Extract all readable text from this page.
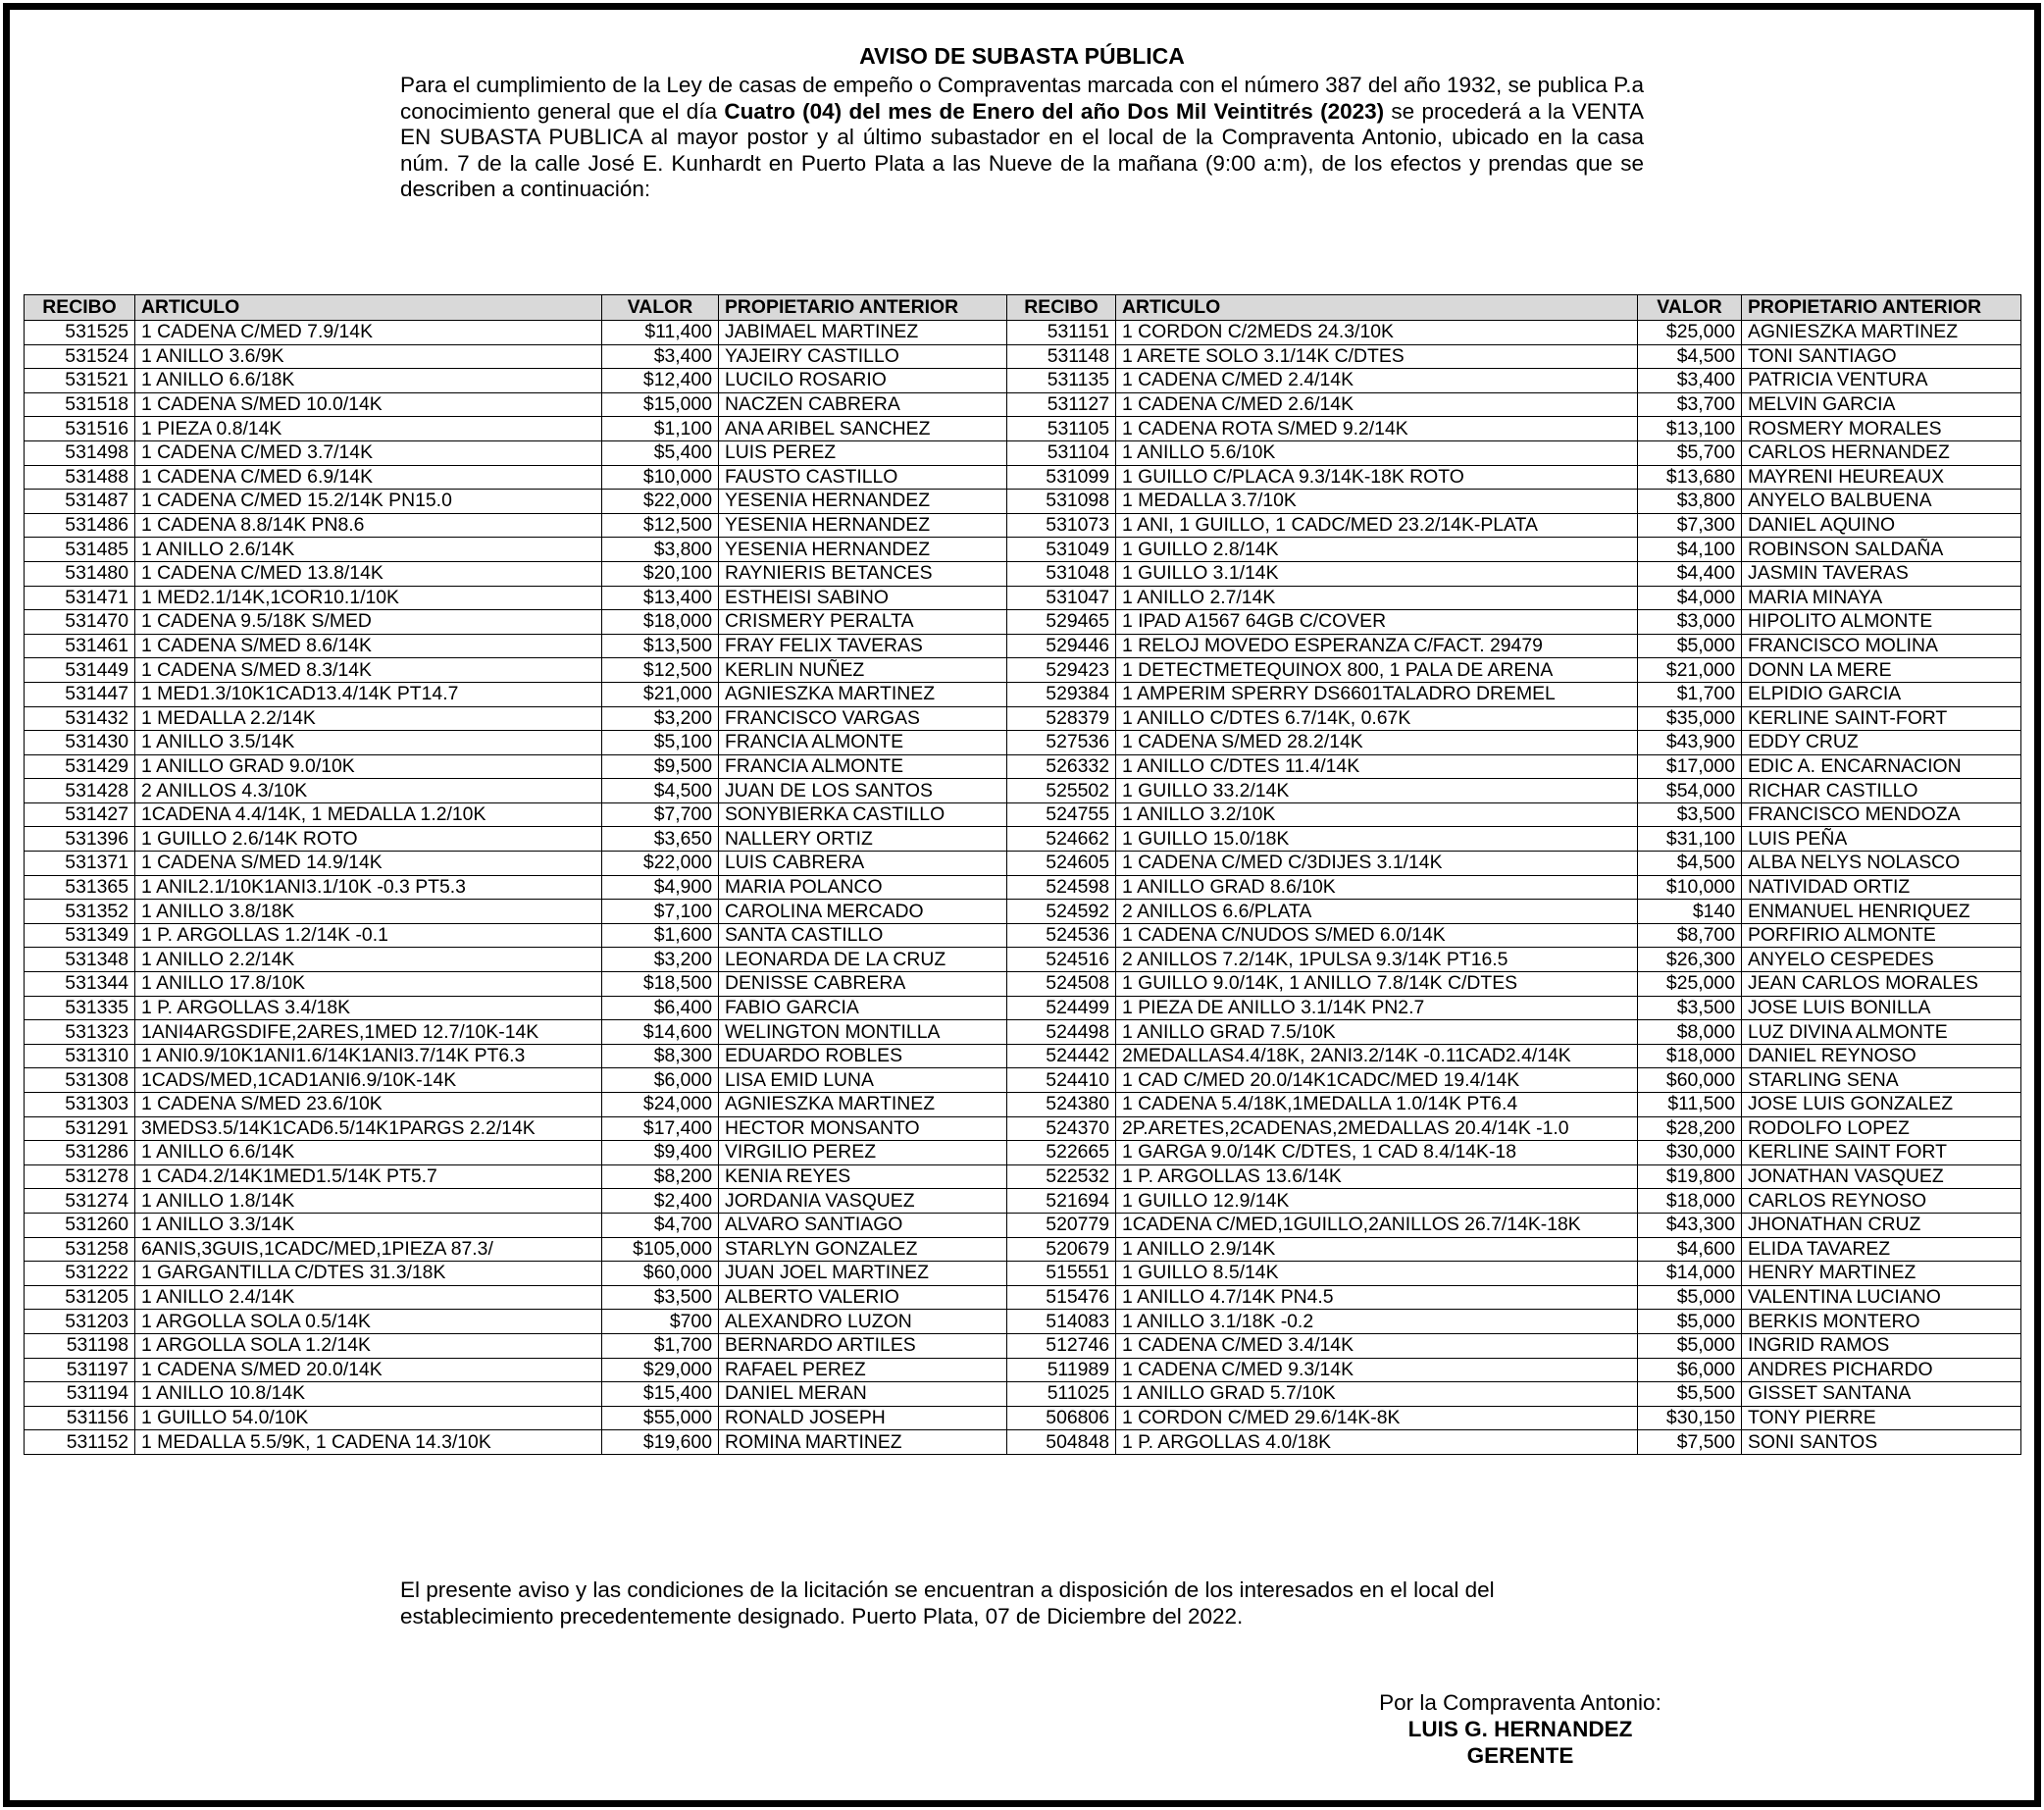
AVISO DE SUBASTA PÚBLICA
Para el cumplimiento de la Ley de casas de empeño o Compraventas marcada con el número 387 del año 1932, se publica P.a conocimiento general que el día Cuatro (04) del mes de Enero del año Dos Mil Veintitrés (2023) se procederá a la VENTA EN SUBASTA PUBLICA al mayor postor y al último subastador en el local de la Compraventa Antonio, ubicado en la casa núm. 7 de la calle José E. Kunhardt en Puerto Plata a las Nueve de la mañana (9:00 a:m), de los efectos y prendas que se describen a continuación:
RECIBO	ARTICULO	VALOR	PROPIETARIO ANTERIOR	RECIBO	ARTICULO	VALOR	PROPIETARIO ANTERIOR
531525	1 CADENA C/MED 7.9/14K	$11,400	JABIMAEL MARTINEZ	531151	1 CORDON C/2MEDS 24.3/10K	$25,000	AGNIESZKA MARTINEZ
531524	1 ANILLO 3.6/9K	$3,400	YAJEIRY CASTILLO	531148	1 ARETE SOLO 3.1/14K C/DTES	$4,500	TONI SANTIAGO
531521	1 ANILLO 6.6/18K	$12,400	LUCILO ROSARIO	531135	1 CADENA C/MED 2.4/14K	$3,400	PATRICIA VENTURA
531518	1 CADENA S/MED 10.0/14K	$15,000	NACZEN CABRERA	531127	1 CADENA C/MED 2.6/14K	$3,700	MELVIN GARCIA
531516	1 PIEZA 0.8/14K	$1,100	ANA ARIBEL SANCHEZ	531105	1 CADENA ROTA S/MED 9.2/14K	$13,100	ROSMERY MORALES
531498	1 CADENA C/MED 3.7/14K	$5,400	LUIS PEREZ	531104	1 ANILLO 5.6/10K	$5,700	CARLOS HERNANDEZ
531488	1 CADENA C/MED 6.9/14K	$10,000	FAUSTO CASTILLO	531099	1 GUILLO C/PLACA 9.3/14K-18K ROTO	$13,680	MAYRENI HEUREAUX
531487	1 CADENA C/MED 15.2/14K PN15.0	$22,000	YESENIA HERNANDEZ	531098	1 MEDALLA 3.7/10K	$3,800	ANYELO BALBUENA
531486	1 CADENA 8.8/14K PN8.6	$12,500	YESENIA HERNANDEZ	531073	1 ANI, 1 GUILLO, 1 CADC/MED 23.2/14K-PLATA	$7,300	DANIEL AQUINO
531485	1 ANILLO 2.6/14K	$3,800	YESENIA HERNANDEZ	531049	1 GUILLO 2.8/14K	$4,100	ROBINSON SALDAÑA
531480	1 CADENA C/MED 13.8/14K	$20,100	RAYNIERIS BETANCES	531048	1 GUILLO 3.1/14K	$4,400	JASMIN TAVERAS
531471	1 MED2.1/14K,1COR10.1/10K	$13,400	ESTHEISI SABINO	531047	1 ANILLO 2.7/14K	$4,000	MARIA MINAYA
531470	1 CADENA 9.5/18K S/MED	$18,000	CRISMERY PERALTA	529465	1 IPAD A1567 64GB C/COVER	$3,000	HIPOLITO ALMONTE
531461	1 CADENA S/MED 8.6/14K	$13,500	FRAY FELIX TAVERAS	529446	1 RELOJ MOVEDO ESPERANZA C/FACT. 29479	$5,000	FRANCISCO MOLINA
531449	1 CADENA S/MED 8.3/14K	$12,500	KERLIN NUÑEZ	529423	1 DETECTMETEQUINOX 800, 1 PALA DE ARENA	$21,000	DONN LA MERE
531447	1 MED1.3/10K1CAD13.4/14K PT14.7	$21,000	AGNIESZKA MARTINEZ	529384	1 AMPERIM SPERRY DS6601TALADRO DREMEL	$1,700	ELPIDIO GARCIA
531432	1 MEDALLA 2.2/14K	$3,200	FRANCISCO VARGAS	528379	1 ANILLO C/DTES 6.7/14K, 0.67K	$35,000	KERLINE SAINT-FORT
531430	1 ANILLO 3.5/14K	$5,100	FRANCIA ALMONTE	527536	1 CADENA S/MED 28.2/14K	$43,900	EDDY CRUZ
531429	1 ANILLO GRAD 9.0/10K	$9,500	FRANCIA ALMONTE	526332	1 ANILLO C/DTES 11.4/14K	$17,000	EDIC A. ENCARNACION
531428	2 ANILLOS 4.3/10K	$4,500	JUAN DE LOS SANTOS	525502	1 GUILLO 33.2/14K	$54,000	RICHAR CASTILLO
531427	1CADENA 4.4/14K, 1 MEDALLA 1.2/10K	$7,700	SONYBIERKA CASTILLO	524755	1 ANILLO 3.2/10K	$3,500	FRANCISCO MENDOZA
531396	1 GUILLO 2.6/14K ROTO	$3,650	NALLERY ORTIZ	524662	1 GUILLO 15.0/18K	$31,100	LUIS PEÑA
531371	1 CADENA S/MED 14.9/14K	$22,000	LUIS CABRERA	524605	1 CADENA C/MED C/3DIJES 3.1/14K	$4,500	ALBA NELYS NOLASCO
531365	1 ANIL2.1/10K1ANI3.1/10K -0.3 PT5.3	$4,900	MARIA POLANCO	524598	1 ANILLO GRAD 8.6/10K	$10,000	NATIVIDAD ORTIZ
531352	1 ANILLO 3.8/18K	$7,100	CAROLINA MERCADO	524592	2 ANILLOS 6.6/PLATA	$140	ENMANUEL HENRIQUEZ
531349	1 P. ARGOLLAS 1.2/14K -0.1	$1,600	SANTA CASTILLO	524536	1 CADENA C/NUDOS S/MED 6.0/14K	$8,700	PORFIRIO ALMONTE
531348	1 ANILLO 2.2/14K	$3,200	LEONARDA DE LA CRUZ	524516	2 ANILLOS 7.2/14K, 1PULSA 9.3/14K PT16.5	$26,300	ANYELO CESPEDES
531344	1 ANILLO 17.8/10K	$18,500	DENISSE CABRERA	524508	1 GUILLO 9.0/14K, 1 ANILLO 7.8/14K C/DTES	$25,000	JEAN CARLOS MORALES
531335	1 P. ARGOLLAS 3.4/18K	$6,400	FABIO GARCIA	524499	1 PIEZA DE ANILLO 3.1/14K PN2.7	$3,500	JOSE LUIS BONILLA
531323	1ANI4ARGSDIFE,2ARES,1MED 12.7/10K-14K	$14,600	WELINGTON MONTILLA	524498	1 ANILLO GRAD 7.5/10K	$8,000	LUZ DIVINA ALMONTE
531310	1 ANI0.9/10K1ANI1.6/14K1ANI3.7/14K PT6.3	$8,300	EDUARDO ROBLES	524442	2MEDALLAS4.4/18K, 2ANI3.2/14K -0.11CAD2.4/14K	$18,000	DANIEL REYNOSO
531308	1CADS/MED,1CAD1ANI6.9/10K-14K	$6,000	LISA EMID LUNA	524410	1 CAD C/MED 20.0/14K1CADC/MED 19.4/14K	$60,000	STARLING SENA
531303	1 CADENA S/MED 23.6/10K	$24,000	AGNIESZKA MARTINEZ	524380	1 CADENA 5.4/18K,1MEDALLA 1.0/14K PT6.4	$11,500	JOSE LUIS GONZALEZ
531291	3MEDS3.5/14K1CAD6.5/14K1PARGS 2.2/14K	$17,400	HECTOR MONSANTO	524370	2P.ARETES,2CADENAS,2MEDALLAS 20.4/14K -1.0	$28,200	RODOLFO LOPEZ
531286	1 ANILLO 6.6/14K	$9,400	VIRGILIO PEREZ	522665	1 GARGA 9.0/14K C/DTES, 1 CAD 8.4/14K-18	$30,000	KERLINE SAINT FORT
531278	1 CAD4.2/14K1MED1.5/14K PT5.7	$8,200	KENIA REYES	522532	1 P. ARGOLLAS 13.6/14K	$19,800	JONATHAN VASQUEZ
531274	1 ANILLO 1.8/14K	$2,400	JORDANIA VASQUEZ	521694	1 GUILLO 12.9/14K	$18,000	CARLOS REYNOSO
531260	1 ANILLO 3.3/14K	$4,700	ALVARO SANTIAGO	520779	1CADENA C/MED,1GUILLO,2ANILLOS 26.7/14K-18K	$43,300	JHONATHAN CRUZ
531258	6ANIS,3GUIS,1CADC/MED,1PIEZA 87.3/	$105,000	STARLYN GONZALEZ	520679	1 ANILLO 2.9/14K	$4,600	ELIDA TAVAREZ
531222	1 GARGANTILLA C/DTES 31.3/18K	$60,000	JUAN JOEL MARTINEZ	515551	1 GUILLO 8.5/14K	$14,000	HENRY MARTINEZ
531205	1 ANILLO 2.4/14K	$3,500	ALBERTO VALERIO	515476	1 ANILLO 4.7/14K PN4.5	$5,000	VALENTINA LUCIANO
531203	1 ARGOLLA SOLA 0.5/14K	$700	ALEXANDRO LUZON	514083	1 ANILLO 3.1/18K -0.2	$5,000	BERKIS MONTERO
531198	1 ARGOLLA SOLA 1.2/14K	$1,700	BERNARDO ARTILES	512746	1 CADENA C/MED 3.4/14K	$5,000	INGRID RAMOS
531197	1 CADENA S/MED 20.0/14K	$29,000	RAFAEL PEREZ	511989	1 CADENA C/MED 9.3/14K	$6,000	ANDRES PICHARDO
531194	1 ANILLO 10.8/14K	$15,400	DANIEL MERAN	511025	1 ANILLO GRAD 5.7/10K	$5,500	GISSET SANTANA
531156	1 GUILLO 54.0/10K	$55,000	RONALD JOSEPH	506806	1 CORDON C/MED 29.6/14K-8K	$30,150	TONY PIERRE
531152	1 MEDALLA 5.5/9K, 1 CADENA 14.3/10K	$19,600	ROMINA MARTINEZ	504848	1 P. ARGOLLAS 4.0/18K	$7,500	SONI SANTOS
El presente aviso y las condiciones de la licitación se encuentran a disposición de los interesados en el local del establecimiento precedentemente designado. Puerto Plata, 07 de Diciembre del 2022.
Por la Compraventa Antonio:
LUIS G. HERNANDEZ
GERENTE
